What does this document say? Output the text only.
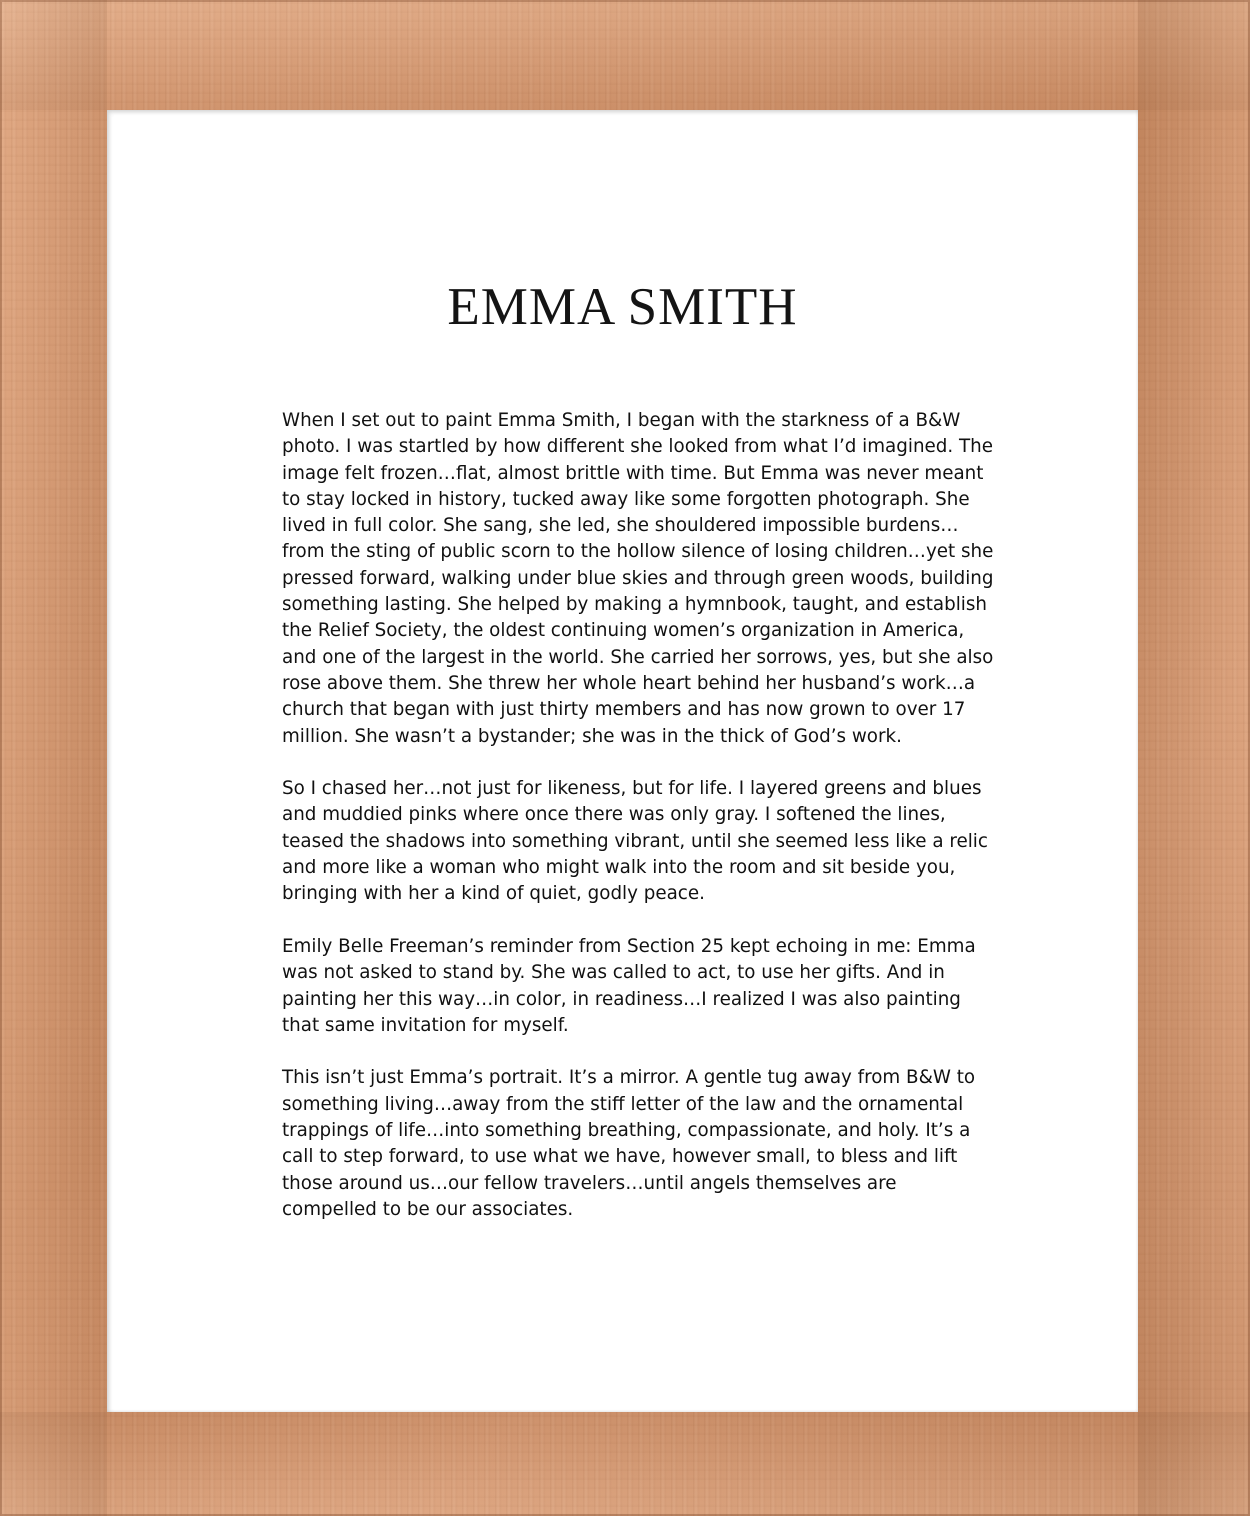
EMMA SMITH

When I set out to paint Emma Smith, I began with the starkness of a B&W photo. I was startled by how different she looked from what I’d imagined. The image felt frozen…flat, almost brittle with time. But Emma was never meant to stay locked in history, tucked away like some forgotten photograph. She lived in full color. She sang, she led, she shouldered impossible burdens…from the sting of public scorn to the hollow silence of losing children…yet she pressed forward, walking under blue skies and through green woods, building something lasting. She helped by making a hymnbook, taught, and establish the Relief Society, the oldest continuing women’s organization in America, and one of the largest in the world. She carried her sorrows, yes, but she also rose above them. She threw her whole heart behind her husband’s work…a church that began with just thirty members and has now grown to over 17 million. She wasn’t a bystander; she was in the thick of God’s work.

So I chased her…not just for likeness, but for life. I layered greens and blues and muddied pinks where once there was only gray. I softened the lines, teased the shadows into something vibrant, until she seemed less like a relic and more like a woman who might walk into the room and sit beside you, bringing with her a kind of quiet, godly peace.

Emily Belle Freeman’s reminder from Section 25 kept echoing in me: Emma was not asked to stand by. She was called to act, to use her gifts. And in painting her this way…in color, in readiness…I realized I was also painting that same invitation for myself.

This isn’t just Emma’s portrait. It’s a mirror. A gentle tug away from B&W to something living…away from the stiff letter of the law and the ornamental trappings of life…into something breathing, compassionate, and holy. It’s a call to step forward, to use what we have, however small, to bless and lift those around us…our fellow travelers…until angels themselves are compelled to be our associates.
